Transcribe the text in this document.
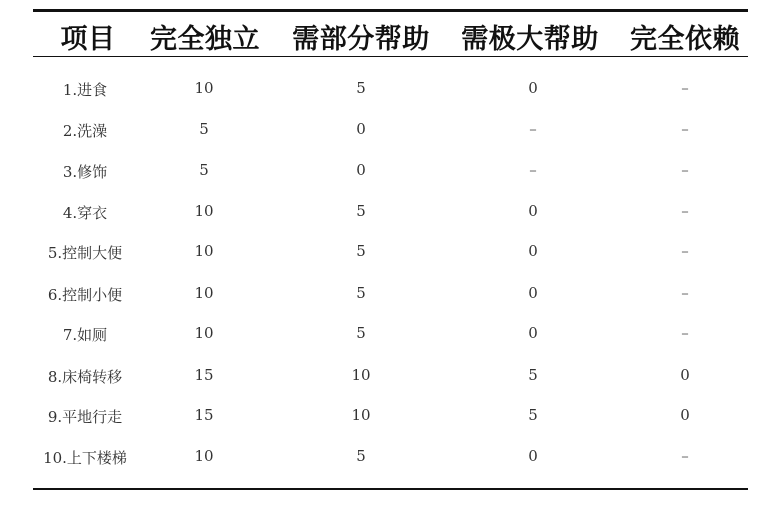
项目 完全独立 需部分帮助 需极大帮助 完全依赖
1.进食	10	5	0	–
2.洗澡	5	0	–	–
3.修饰	5	0	–	–
4.穿衣	10	5	0	–
5.控制大便	10	5	0	–
6.控制小便	10	5	0	–
7.如厕	10	5	0	–
8.床椅转移	15	10	5	0
9.平地行走	15	10	5	0
10.上下楼梯	10	5	0	–
